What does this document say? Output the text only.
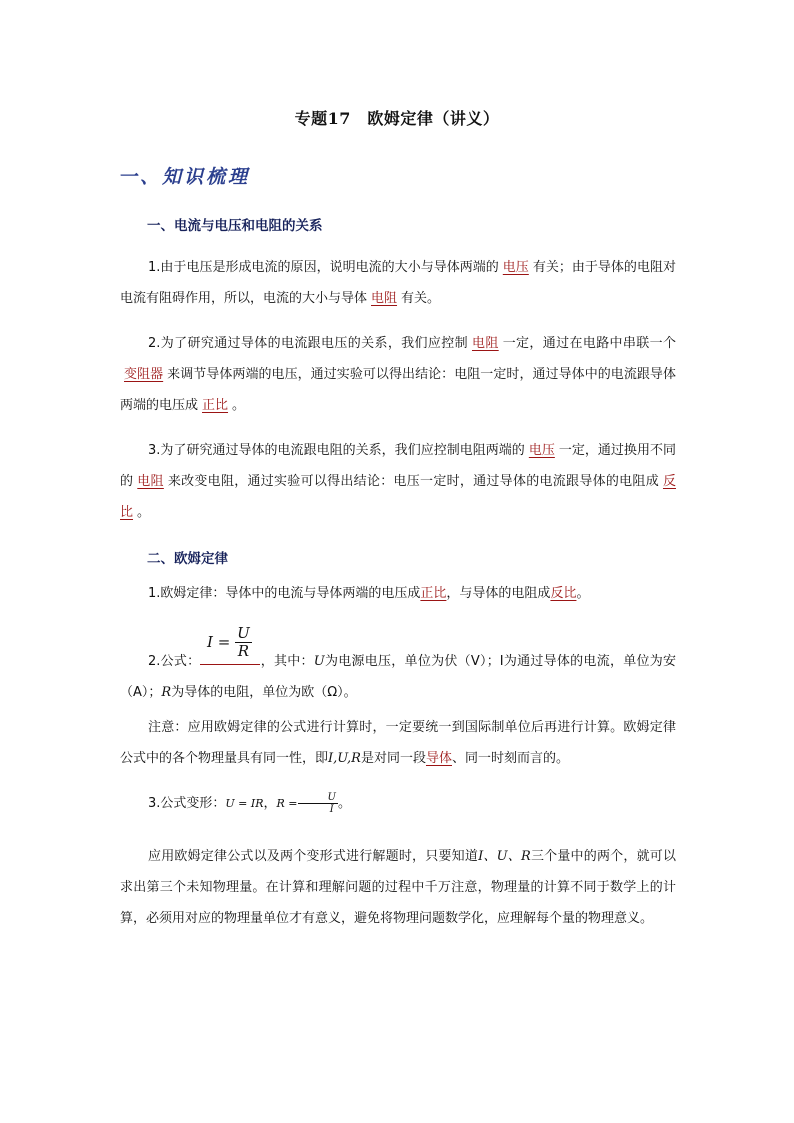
专题17　欧姆定律（讲义）
一、知识梳理
一、电流与电压和电阻的关系
1.由于电压是形成电流的原因，说明电流的大小与导体两端的 电压 有关；由于导体的电阻对电流有阻碍作用，所以，电流的大小与导体 电阻 有关。
2.为了研究通过导体的电流跟电压的关系，我们应控制 电阻 一定，通过在电路中串联一个变阻器 来调节导体两端的电压，通过实验可以得出结论：电阻一定时，通过导体中的电流跟导体两端的电压成 正比 。
3.为了研究通过导体的电流跟电阻的关系，我们应控制电阻两端的 电压 一定，通过换用不同的 电阻 来改变电阻，通过实验可以得出结论：电压一定时，通过导体的电流跟导体的电阻成 反比 。
二、欧姆定律
1.欧姆定律：导体中的电流与导体两端的电压成正比，与导体的电阻成反比。
$I = \frac{U}{R}$
2.公式：	，其中：U为电源电压，单位为伏（V）；I为通过导体的电流，单位为安（A）；R为导体的电阻，单位为欧（Ω）。
注意：应用欧姆定律的公式进行计算时，一定要统一到国际制单位后再进行计算。欧姆定律公式中的各个物理量具有同一性，即I,U,R是对同一段导体、同一时刻而言的。
3.公式变形：U = IR，$R = \frac{U}{I}$ 。
应用欧姆定律公式以及两个变形式进行解题时，只要知道I、U、R三个量中的两个，就可以求出第三个未知物理量。在计算和理解问题的过程中千万注意，物理量的计算不同于数学上的计算，必须用对应的物理量单位才有意义，避免将物理问题数学化，应理解每个量的物理意义。
